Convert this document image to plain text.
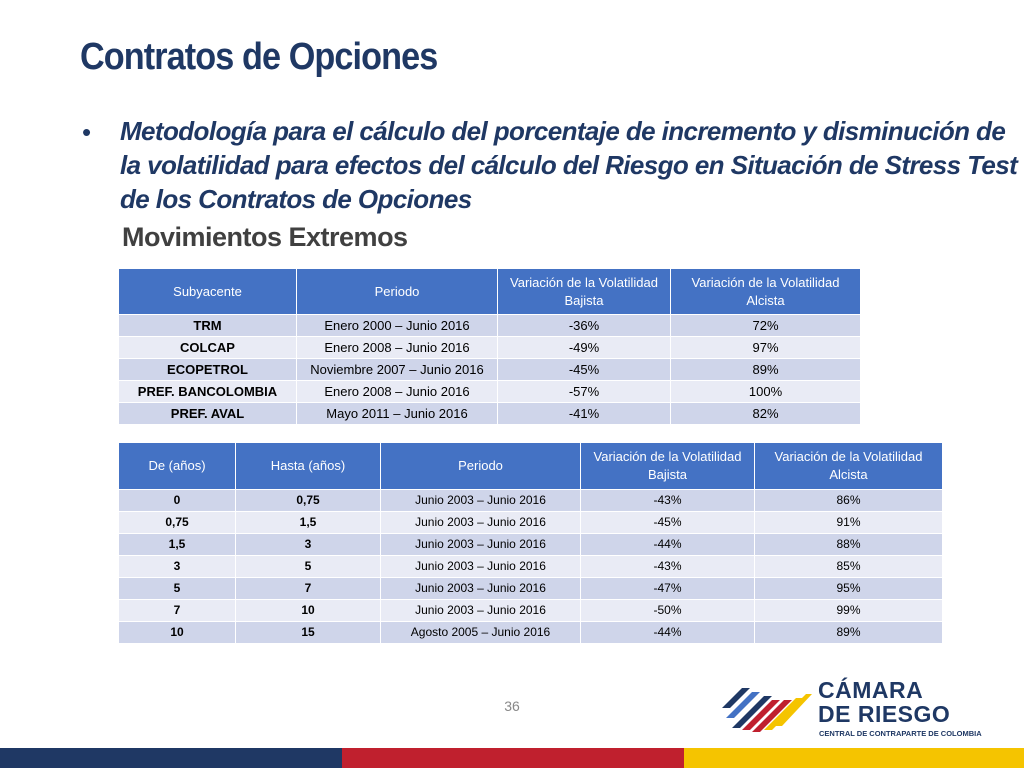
Contratos de Opciones
• Metodología para el cálculo del porcentaje de incremento y disminución de la volatilidad para efectos del cálculo del Riesgo en Situación de Stress Test de los Contratos de Opciones
Movimientos Extremos
Subyacente	Periodo	Variación de la Volatilidad Bajista	Variación de la Volatilidad Alcista
TRM	Enero 2000 – Junio 2016	-36%	72%
COLCAP	Enero 2008 – Junio 2016	-49%	97%
ECOPETROL	Noviembre 2007 – Junio 2016	-45%	89%
PREF. BANCOLOMBIA	Enero 2008 – Junio 2016	-57%	100%
PREF. AVAL	Mayo 2011 – Junio 2016	-41%	82%
De (años)	Hasta (años)	Periodo	Variación de la Volatilidad Bajista	Variación de la Volatilidad Alcista
0	0,75	Junio 2003 – Junio 2016	-43%	86%
0,75	1,5	Junio 2003 – Junio 2016	-45%	91%
1,5	3	Junio 2003 – Junio 2016	-44%	88%
3	5	Junio 2003 – Junio 2016	-43%	85%
5	7	Junio 2003 – Junio 2016	-47%	95%
7	10	Junio 2003 – Junio 2016	-50%	99%
10	15	Agosto 2005 – Junio 2016	-44%	89%
36
CÁMARA
DE RIESGO
CENTRAL DE CONTRAPARTE DE COLOMBIA
